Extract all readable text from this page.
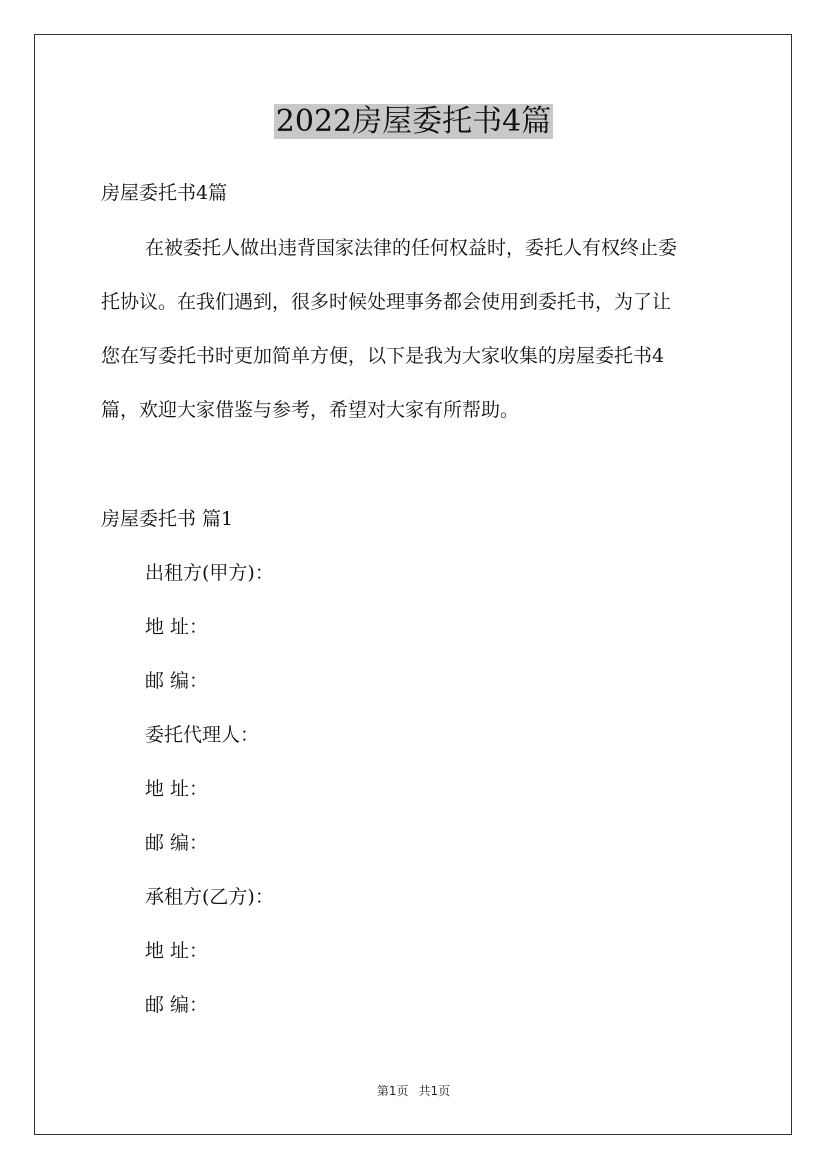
2022房屋委托书4篇

房屋委托书4篇

在被委托人做出违背国家法律的任何权益时，委托人有权终止委

托协议。在我们遇到，很多时候处理事务都会使用到委托书，为了让

您在写委托书时更加简单方便，以下是我为大家收集的房屋委托书4

篇，欢迎大家借鉴与参考，希望对大家有所帮助。

房屋委托书 篇1

出租方(甲方)：

地 址：

邮 编：

委托代理人：

地 址：

邮 编：

承租方(乙方)：

地 址：

邮 编：

第1页 共1页
